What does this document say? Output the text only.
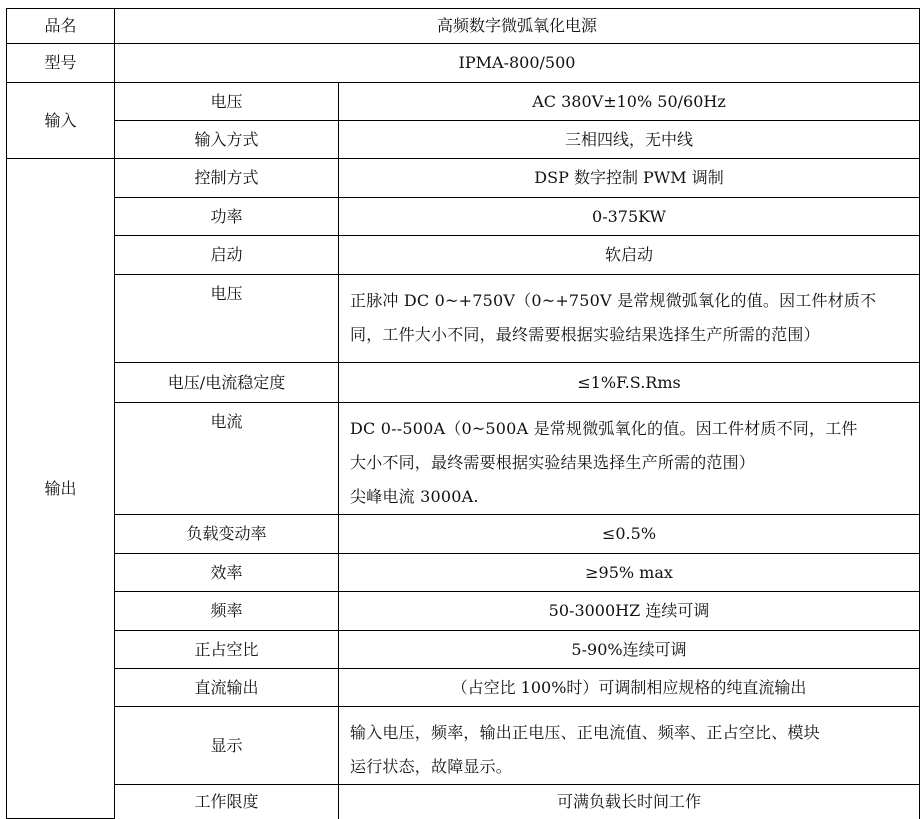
品名	高频数字微弧氧化电源	
型号	IPMA-800/500	
输入	电压	AC 380V±10% 50/60Hz
	输入方式	三相四线，无中线
输出	控制方式	DSP 数字控制 PWM 调制
	功率	0-375KW
	启动	软启动
	电压	正脉冲 DC 0~+750V（0~+750V 是常规微弧氧化的值。因工件材质不
同，工件大小不同，最终需要根据实验结果选择生产所需的范围）

	电压/电流稳定度	≤1%F.S.Rms
	电流	DC 0--500A（0~500A 是常规微弧氧化的值。因工件材质不同，工件
大小不同，最终需要根据实验结果选择生产所需的范围）
尖峰电流 3000A.

	负载变动率	≤0.5%
	效率	≥95% max
	频率	50-3000HZ 连续可调
	正占空比	5-90%连续可调
	直流输出	（占空比 100%时）可调制相应规格的纯直流输出
	显示	输入电压，频率，输出正电压、正电流值、频率、正占空比、模块
运行状态，故障显示。

	工作限度	可满负载长时间工作
